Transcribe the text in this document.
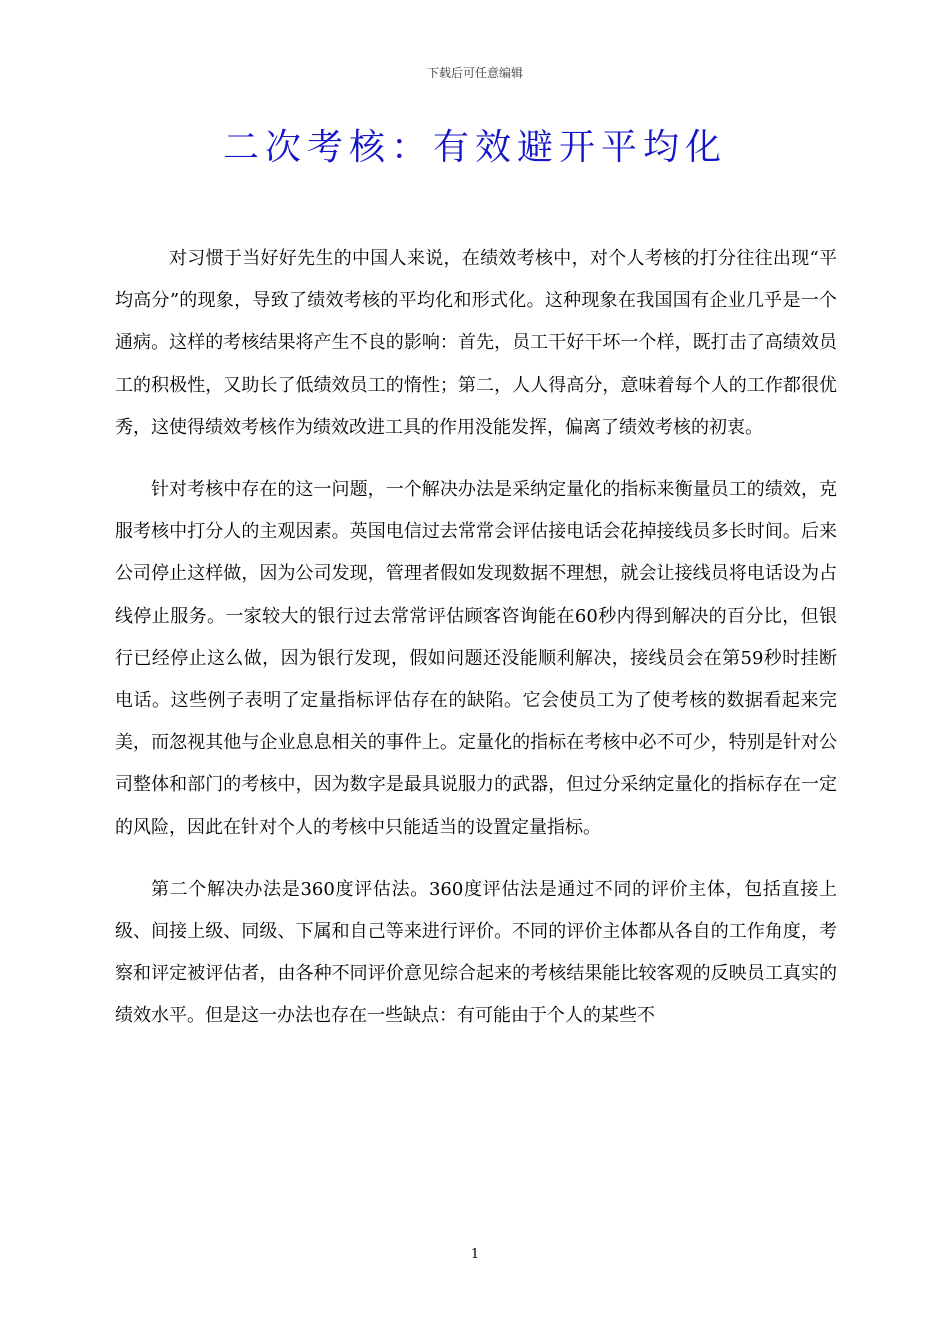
下载后可任意编辑
二次考核：有效避开平均化

对习惯于当好好先生的中国人来说，在绩效考核中，对个人考核的打分往往出现“平均高分”的现象，导致了绩效考核的平均化和形式化。这种现象在我国国有企业几乎是一个通病。这样的考核结果将产生不良的影响：首先，员工干好干坏一个样，既打击了高绩效员工的积极性，又助长了低绩效员工的惰性；第二，人人得高分，意味着每个人的工作都很优秀，这使得绩效考核作为绩效改进工具的作用没能发挥，偏离了绩效考核的初衷。

针对考核中存在的这一问题，一个解决办法是采纳定量化的指标来衡量员工的绩效，克服考核中打分人的主观因素。英国电信过去常常会评估接电话会花掉接线员多长时间。后来公司停止这样做，因为公司发现，管理者假如发现数据不理想，就会让接线员将电话设为占线停止服务。一家较大的银行过去常常评估顾客咨询能在60秒内得到解决的百分比，但银行已经停止这么做，因为银行发现，假如问题还没能顺利解决，接线员会在第59秒时挂断电话。这些例子表明了定量指标评估存在的缺陷。它会使员工为了使考核的数据看起来完美，而忽视其他与企业息息相关的事件上。定量化的指标在考核中必不可少，特别是针对公司整体和部门的考核中，因为数字是最具说服力的武器，但过分采纳定量化的指标存在一定的风险，因此在针对个人的考核中只能适当的设置定量指标。

第二个解决办法是360度评估法。360度评估法是通过不同的评价主体，包括直接上级、间接上级、同级、下属和自己等来进行评价。不同的评价主体都从各自的工作角度，考察和评定被评估者，由各种不同评价意见综合起来的考核结果能比较客观的反映员工真实的绩效水平。但是这一办法也存在一些缺点：有可能由于个人的某些不

1
